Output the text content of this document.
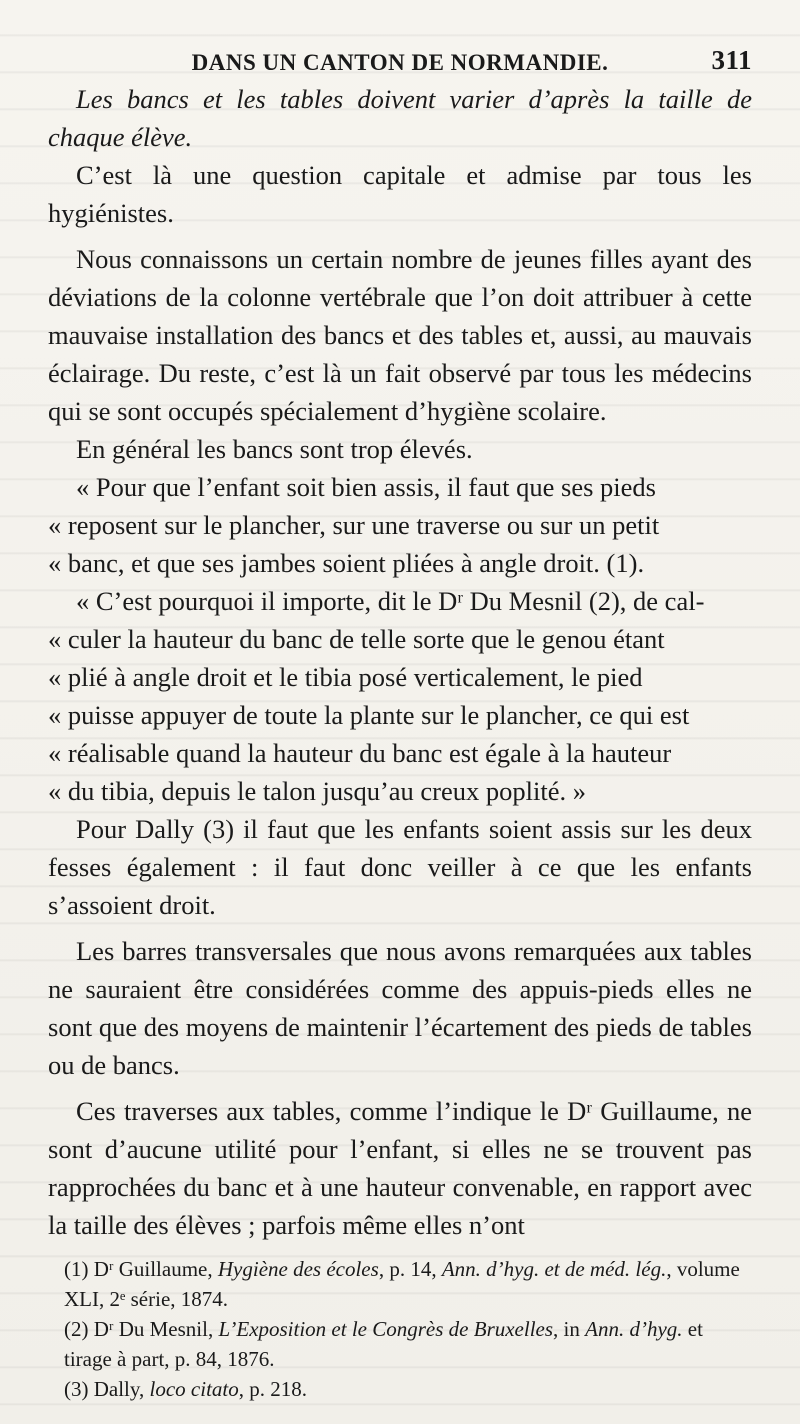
DANS UN CANTON DE NORMANDIE.	311

Les bancs et les tables doivent varier d’après la taille de chaque élève.

C’est là une question capitale et admise par tous les hygiénistes.

Nous connaissons un certain nombre de jeunes filles ayant des déviations de la colonne vertébrale que l’on doit attribuer à cette mauvaise installation des bancs et des tables et, aussi, au mauvais éclairage. Du reste, c’est là un fait observé par tous les médecins qui se sont occupés spécialement d’hygiène scolaire.

En général les bancs sont trop élevés.

« Pour que l’enfant soit bien assis, il faut que ses pieds
« reposent sur le plancher, sur une traverse ou sur un petit
« banc, et que ses jambes soient pliées à angle droit. (1).
« C’est pourquoi il importe, dit le Dʳ Du Mesnil (2), de cal-
« culer la hauteur du banc de telle sorte que le genou étant
« plié à angle droit et le tibia posé verticalement, le pied
« puisse appuyer de toute la plante sur le plancher, ce qui est
« réalisable quand la hauteur du banc est égale à la hauteur
« du tibia, depuis le talon jusqu’au creux poplité. »

Pour Dally (3) il faut que les enfants soient assis sur les deux fesses également : il faut donc veiller à ce que les enfants s’assoient droit.

Les barres transversales que nous avons remarquées aux tables ne sauraient être considérées comme des appuis-pieds elles ne sont que des moyens de maintenir l’écartement des pieds de tables ou de bancs.

Ces traverses aux tables, comme l’indique le Dʳ Guillaume, ne sont d’aucune utilité pour l’enfant, si elles ne se trouvent pas rapprochées du banc et à une hauteur convenable, en rapport avec la taille des élèves ; parfois même elles n’ont

(1) Dʳ Guillaume, Hygiène des écoles, p. 14, Ann. d’hyg. et de méd. lég., volume XLI, 2ᵉ série, 1874.

(2) Dʳ Du Mesnil, L’Exposition et le Congrès de Bruxelles, in Ann. d’hyg. et tirage à part, p. 84, 1876.

(3) Dally, loco citato, p. 218.
